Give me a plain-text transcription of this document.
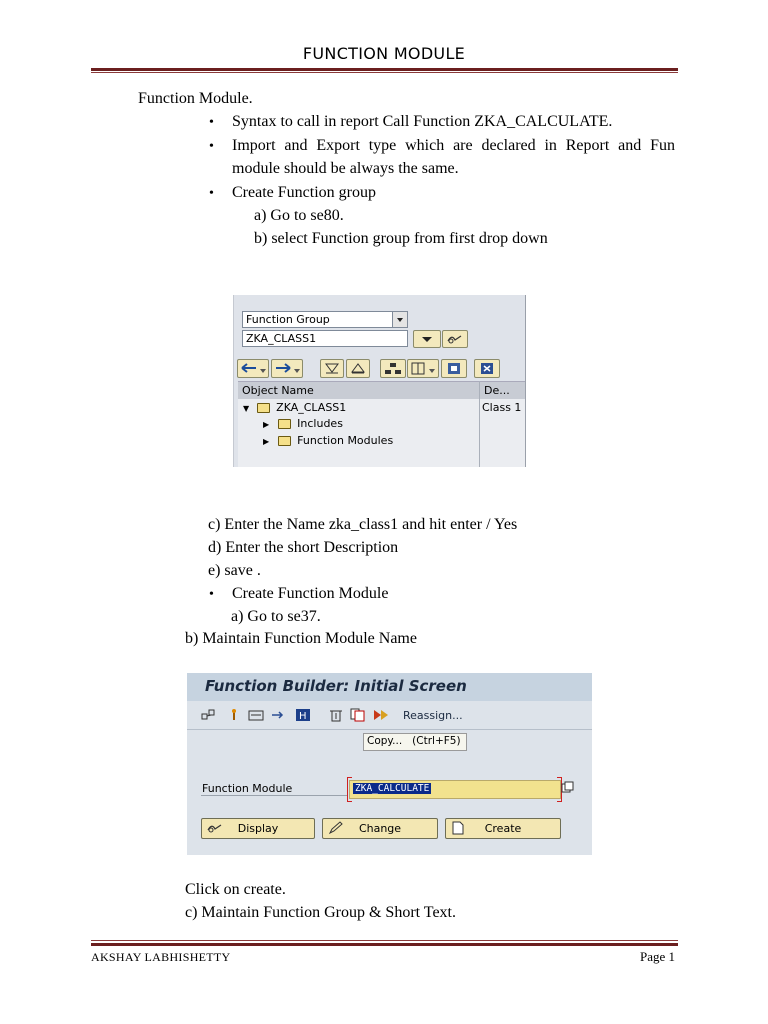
FUNCTION MODULE
Function Module.
• Syntax to call in report Call Function ZKA_CALCULATE.
• Import and Export type which are declared in Report and Fun module should be always the same.
• Create Function group
a) Go to se80.
b) select Function group from first drop down
Function Group
ZKA_CLASS1
Object Name	De...
▼ ZKA_CLASS1	Class 1
▶	Includes
▶	Function Modules
c) Enter the Name zka_class1 and hit enter / Yes
d) Enter the short Description
e) save .
• Create Function Module
a) Go to se37.
b) Maintain Function Module Name
Function Builder: Initial Screen
H	Reassign...
Copy...   (Ctrl+F5)
Function Module	ZKA_CALCULATE
Display	Change	Create
Click on create.
c) Maintain Function Group & Short Text.
AKSHAY LABHISHETTY	Page 1
